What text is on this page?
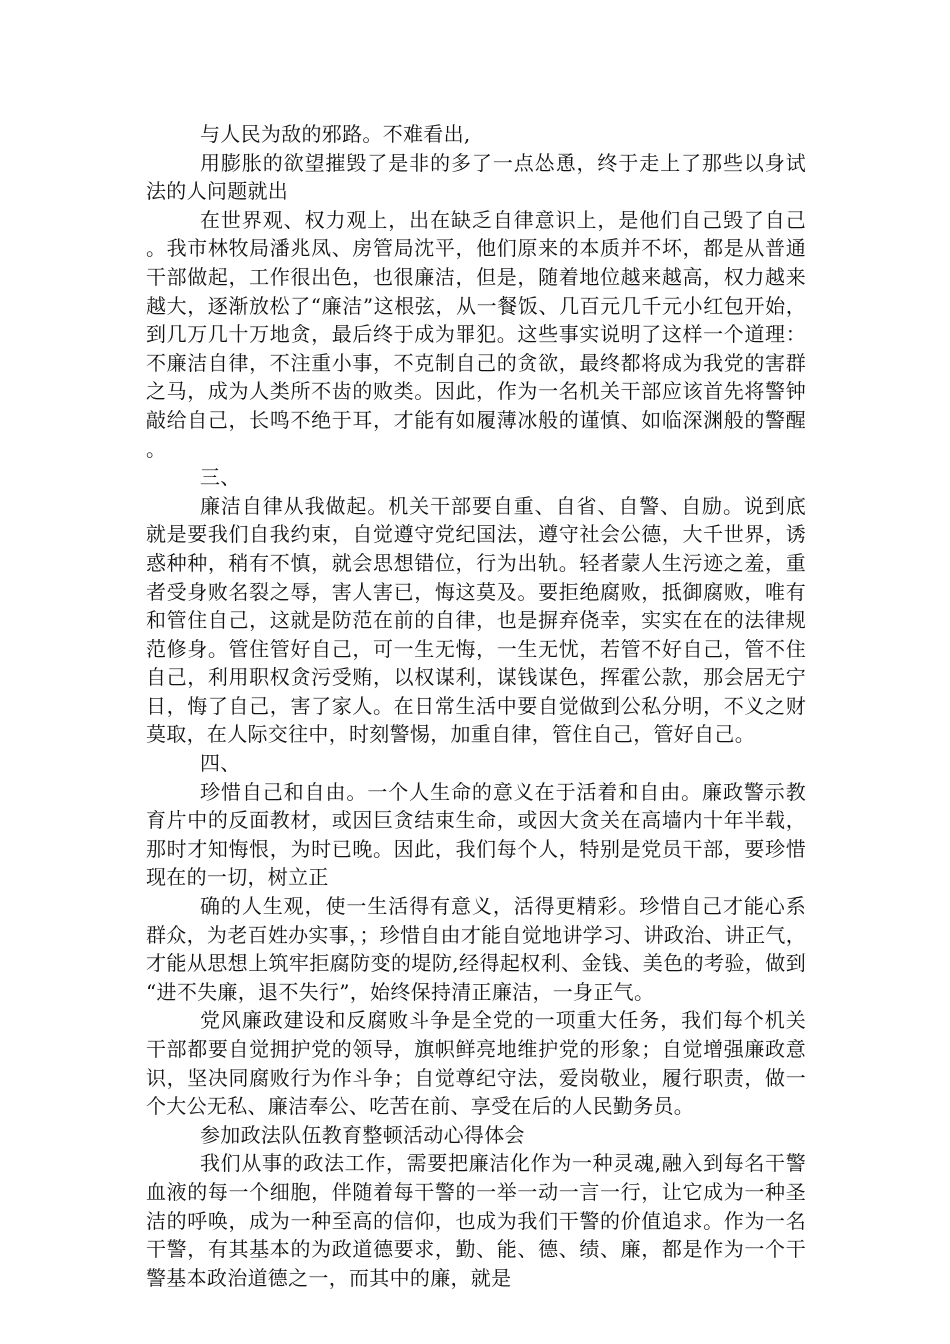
与人民为敌的邪路。不难看出,

用膨胀的欲望摧毁了是非的多了一点怂恿，终于走上了那些以身试法的人问题就出

在世界观、权力观上，出在缺乏自律意识上，是他们自己毁了自己。我市林牧局潘兆凤、房管局沈平，他们原来的本质并不坏，都是从普通干部做起，工作很出色，也很廉洁，但是，随着地位越来越高，权力越来越大，逐渐放松了“廉洁”这根弦，从一餐饭、几百元几千元小红包开始，到几万几十万地贪，最后终于成为罪犯。这些事实说明了这样一个道理：不廉洁自律，不注重小事，不克制自己的贪欲，最终都将成为我党的害群之马，成为人类所不齿的败类。因此，作为一名机关干部应该首先将警钟敲给自己，长鸣不绝于耳，才能有如履薄冰般的谨慎、如临深渊般的警醒。

三、

廉洁自律从我做起。机关干部要自重、自省、自警、自励。说到底就是要我们自我约束，自觉遵守党纪国法，遵守社会公德，大千世界，诱惑种种，稍有不慎，就会思想错位，行为出轨。轻者蒙人生污迹之羞，重者受身败名裂之辱，害人害已，悔这莫及。要拒绝腐败，抵御腐败，唯有和管住自己，这就是防范在前的自律，也是摒弃侥幸，实实在在的法律规范修身。管住管好自己，可一生无悔，一生无忧，若管不好自己，管不住自己，利用职权贪污受贿，以权谋利，谋钱谋色，挥霍公款，那会居无宁日，悔了自己，害了家人。在日常生活中要自觉做到公私分明，不义之财莫取，在人际交往中，时刻警惕，加重自律，管住自己，管好自己。

四、

珍惜自己和自由。一个人生命的意义在于活着和自由。廉政警示教育片中的反面教材，或因巨贪结束生命，或因大贪关在高墙内十年半载，那时才知悔恨，为时已晚。因此，我们每个人，特别是党员干部，要珍惜现在的一切，树立正

确的人生观，使一生活得有意义，活得更精彩。珍惜自己才能心系群众，为老百姓办实事，；珍惜自由才能自觉地讲学习、讲政治、讲正气，才能从思想上筑牢拒腐防变的堤防,经得起权利、金钱、美色的考验，做到“进不失廉，退不失行”，始终保持清正廉洁，一身正气。

党风廉政建设和反腐败斗争是全党的一项重大任务，我们每个机关干部都要自觉拥护党的领导，旗帜鲜亮地维护党的形象；自觉增强廉政意识，坚决同腐败行为作斗争；自觉尊纪守法，爱岗敬业，履行职责，做一个大公无私、廉洁奉公、吃苦在前、享受在后的人民勤务员。

参加政法队伍教育整顿活动心得体会

我们从事的政法工作，需要把廉洁化作为一种灵魂,融入到每名干警血液的每一个细胞，伴随着每干警的一举一动一言一行，让它成为一种圣洁的呼唤，成为一种至高的信仰，也成为我们干警的价值追求。作为一名干警，有其基本的为政道德要求，勤、能、德、绩、廉，都是作为一个干警基本政治道德之一，而其中的廉，就是
